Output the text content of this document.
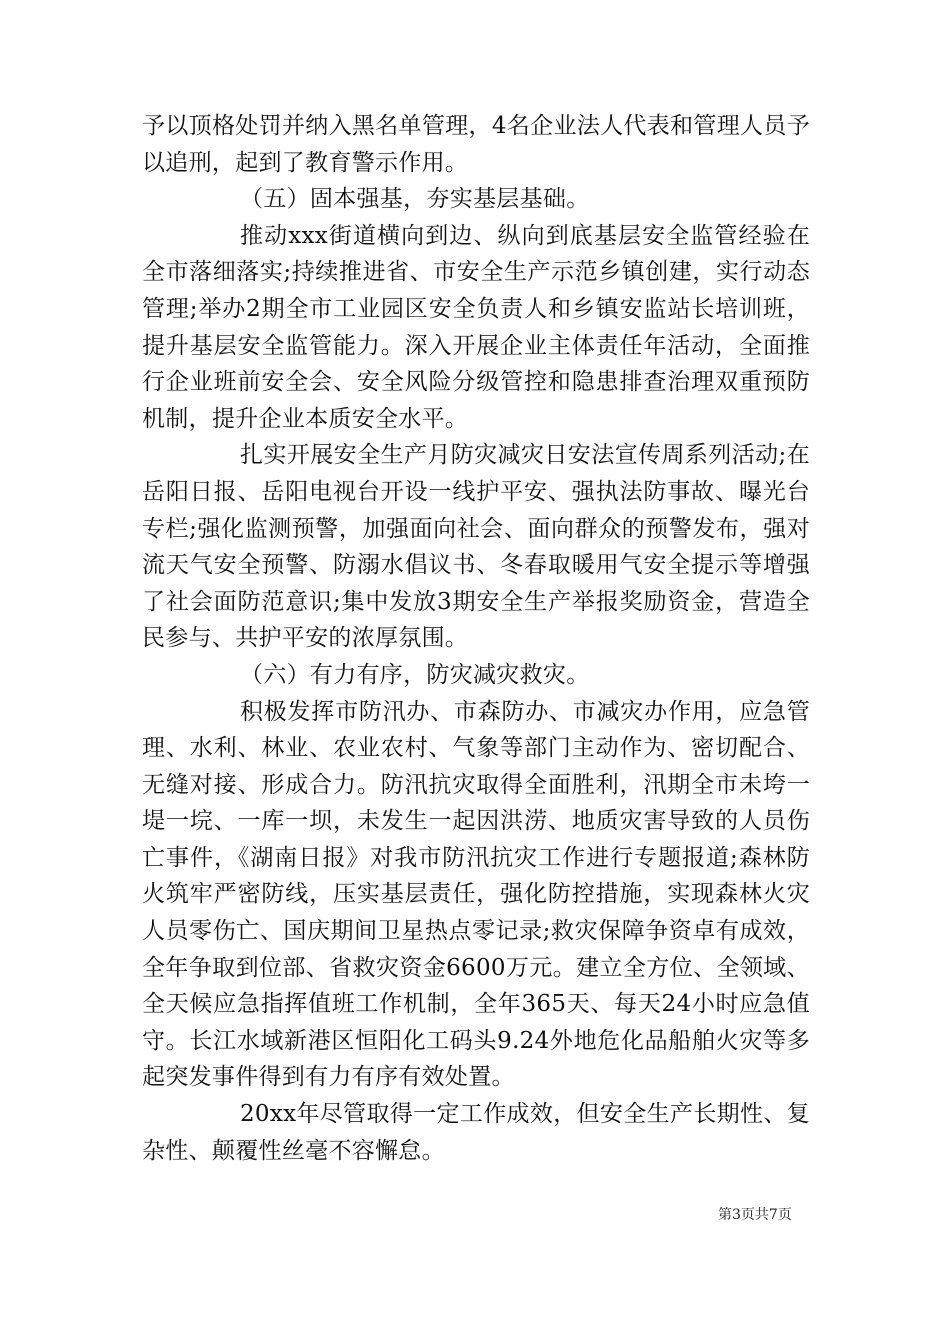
予以顶格处罚并纳入黑名单管理，4名企业法人代表和管理人员予以追刑，起到了教育警示作用。

（五）固本强基，夯实基层基础。

推动xxx街道横向到边、纵向到底基层安全监管经验在全市落细落实;持续推进省、市安全生产示范乡镇创建，实行动态管理;举办2期全市工业园区安全负责人和乡镇安监站长培训班，提升基层安全监管能力。深入开展企业主体责任年活动，全面推行企业班前安全会、安全风险分级管控和隐患排查治理双重预防机制，提升企业本质安全水平。

扎实开展安全生产月防灾减灾日安法宣传周系列活动;在岳阳日报、岳阳电视台开设一线护平安、强执法防事故、曝光台专栏;强化监测预警，加强面向社会、面向群众的预警发布，强对流天气安全预警、防溺水倡议书、冬春取暖用气安全提示等增强了社会面防范意识;集中发放3期安全生产举报奖励资金，营造全民参与、共护平安的浓厚氛围。

（六）有力有序，防灾减灾救灾。

积极发挥市防汛办、市森防办、市减灾办作用，应急管理、水利、林业、农业农村、气象等部门主动作为、密切配合、无缝对接、形成合力。防汛抗灾取得全面胜利，汛期全市未垮一堤一垸、一库一坝，未发生一起因洪涝、地质灾害导致的人员伤亡事件，《湖南日报》对我市防汛抗灾工作进行专题报道;森林防火筑牢严密防线，压实基层责任，强化防控措施，实现森林火灾人员零伤亡、国庆期间卫星热点零记录;救灾保障争资卓有成效，全年争取到位部、省救灾资金6600万元。建立全方位、全领域、全天候应急指挥值班工作机制，全年365天、每天24小时应急值守。长江水域新港区恒阳化工码头9.24外地危化品船舶火灾等多起突发事件得到有力有序有效处置。

20xx年尽管取得一定工作成效，但安全生产长期性、复杂性、颠覆性丝毫不容懈怠。

第3页共7页
